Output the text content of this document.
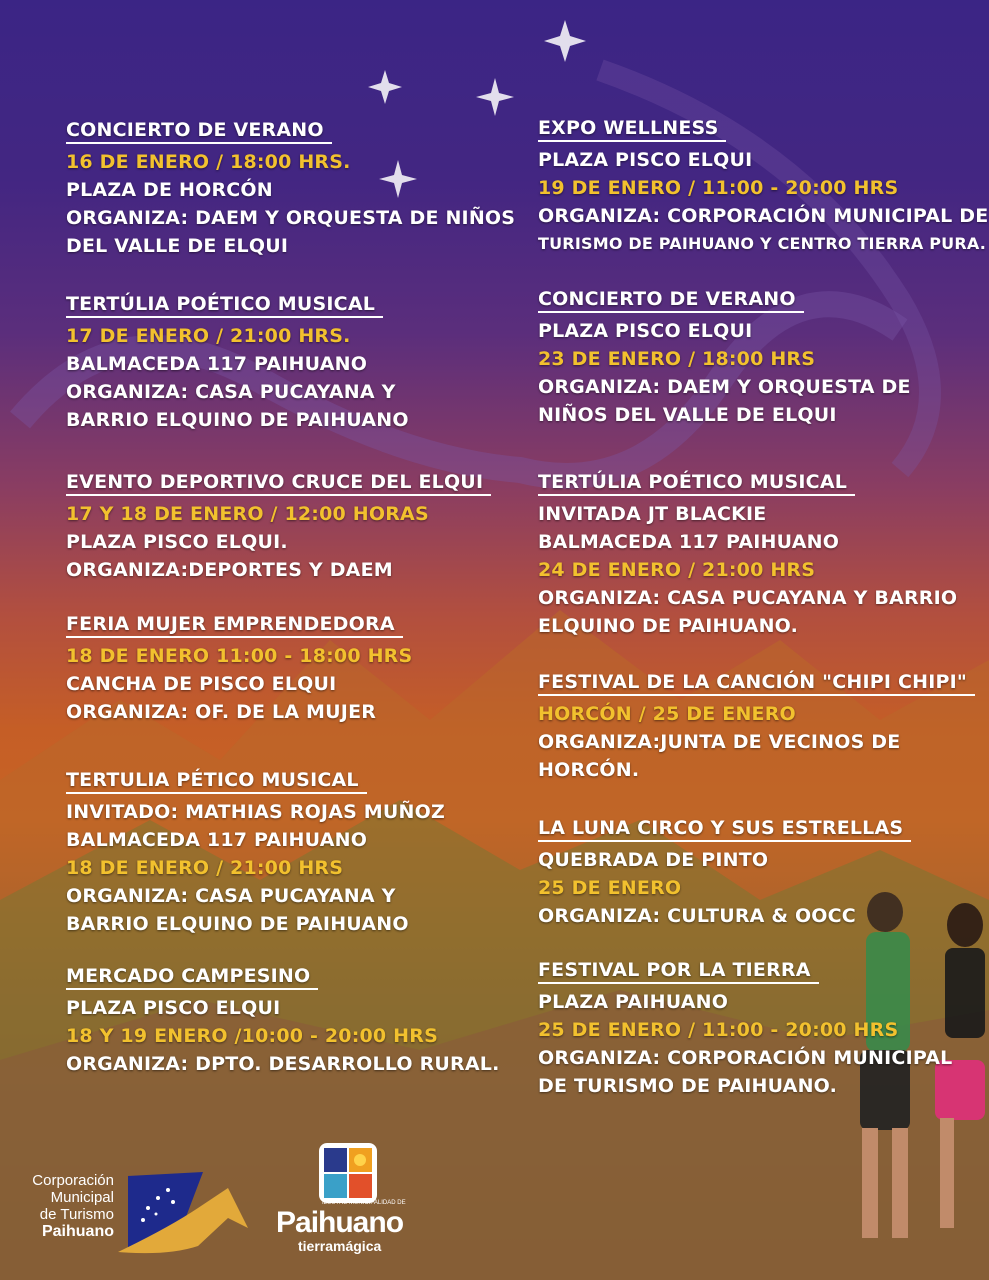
CONCIERTO DE VERANO
16 DE ENERO / 18:00 HRS.
PLAZA DE HORCÓN
ORGANIZA: DAEM Y ORQUESTA DE NIÑOS
DEL VALLE DE ELQUI
TERTÚLIA POÉTICO MUSICAL
17 DE ENERO / 21:00 HRS.
BALMACEDA 117 PAIHUANO
ORGANIZA: CASA PUCAYANA Y
BARRIO ELQUINO DE PAIHUANO
EVENTO DEPORTIVO CRUCE DEL ELQUI
17 Y 18 DE ENERO / 12:00 HORAS
PLAZA PISCO ELQUI.
ORGANIZA:DEPORTES Y DAEM
FERIA MUJER EMPRENDEDORA
18 DE ENERO 11:00 - 18:00 HRS
CANCHA DE PISCO ELQUI
ORGANIZA: OF. DE LA MUJER
TERTULIA PÉTICO MUSICAL
INVITADO: MATHIAS ROJAS MUÑOZ
BALMACEDA 117 PAIHUANO
18 DE ENERO / 21:00 HRS
ORGANIZA: CASA PUCAYANA Y
BARRIO ELQUINO DE PAIHUANO
MERCADO CAMPESINO
PLAZA PISCO ELQUI
18 Y 19 ENERO /10:00 - 20:00 HRS
ORGANIZA: DPTO. DESARROLLO RURAL.
EXPO WELLNESS
PLAZA PISCO ELQUI
19 DE ENERO / 11:00 - 20:00 HRS
ORGANIZA: CORPORACIÓN MUNICIPAL DE
TURISMO DE PAIHUANO Y CENTRO TIERRA PURA.
CONCIERTO DE VERANO
PLAZA PISCO ELQUI
23 DE ENERO / 18:00 HRS
ORGANIZA: DAEM Y ORQUESTA DE
NIÑOS DEL VALLE DE ELQUI
TERTÚLIA POÉTICO MUSICAL
INVITADA JT BLACKIE
BALMACEDA 117 PAIHUANO
24 DE ENERO / 21:00 HRS
ORGANIZA: CASA PUCAYANA Y BARRIO
ELQUINO DE PAIHUANO.
FESTIVAL DE LA CANCIÓN "CHIPI CHIPI"
HORCÓN / 25 DE ENERO
ORGANIZA:JUNTA DE VECINOS DE
HORCÓN.
LA LUNA CIRCO Y SUS ESTRELLAS
QUEBRADA DE PINTO
25 DE ENERO
ORGANIZA: CULTURA & OOCC
FESTIVAL POR LA TIERRA
PLAZA PAIHUANO
25 DE ENERO / 11:00 - 20:00 HRS
ORGANIZA: CORPORACIÓN MUNICIPAL
DE TURISMO DE PAIHUANO.
Corporación
Municipal
de Turismo
Paihuano
ILUSTRE MUNICIPALIDAD DE
Paihuano
tierramágica
